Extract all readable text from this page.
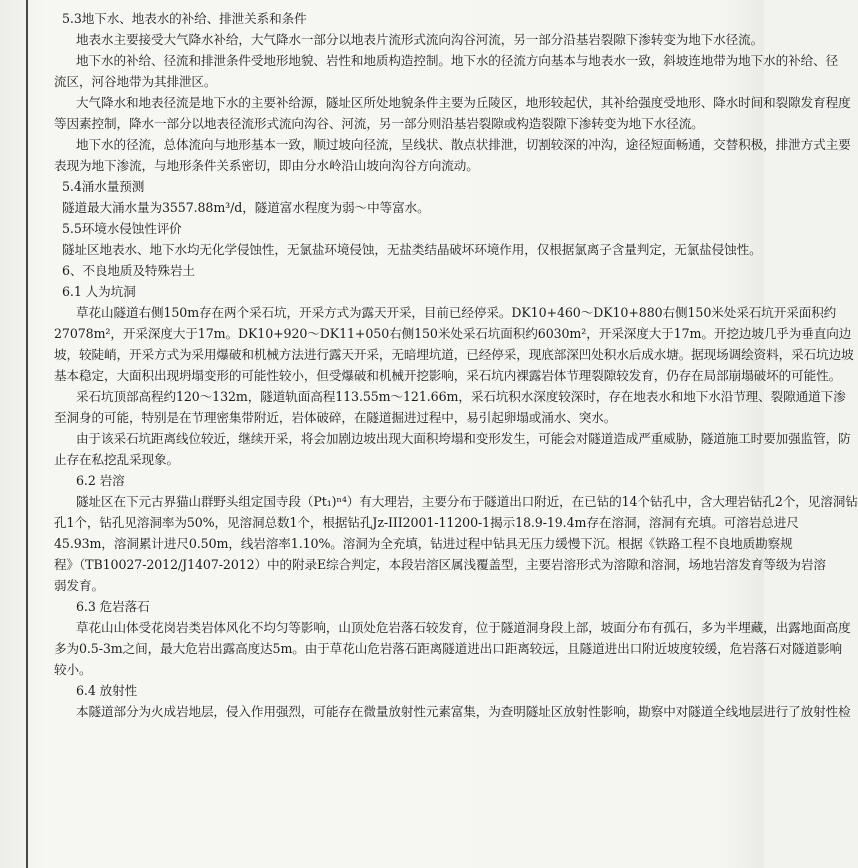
5.3地下水、地表水的补给、排泄关系和条件
地表水主要接受大气降水补给，大气降水一部分以地表片流形式流向沟谷河流，另一部分沿基岩裂隙下渗转变为地下水径流。
地下水的补给、径流和排泄条件受地形地貌、岩性和地质构造控制。地下水的径流方向基本与地表水一致，斜坡连地带为地下水的补给、径
流区，河谷地带为其排泄区。
大气降水和地表径流是地下水的主要补给源，隧址区所处地貌条件主要为丘陵区，地形较起伏，其补给强度受地形、降水时间和裂隙发育程度
等因素控制，降水一部分以地表径流形式流向沟谷、河流，另一部分则沿基岩裂隙或构造裂隙下渗转变为地下水径流。
地下水的径流，总体流向与地形基本一致，顺过坡向径流，呈线状、散点状排泄，切割较深的冲沟，途径短面畅通，交替积极，排泄方式主要
表现为地下渗流，与地形条件关系密切，即由分水岭沿山坡向沟谷方向流动。
5.4涌水量预测
隧道最大涌水量为3557.88m³/d，隧道富水程度为弱～中等富水。
5.5环境水侵蚀性评价
隧址区地表水、地下水均无化学侵蚀性，无氯盐环境侵蚀，无盐类结晶破坏环境作用，仅根据氯离子含量判定，无氯盐侵蚀性。
6、不良地质及特殊岩土
6.1 人为坑洞
草花山隧道右侧150m存在两个采石坑，开采方式为露天开采，目前已经停采。DK10+460～DK10+880右侧150米处采石坑开采面积约
27078m²，开采深度大于17m。DK10+920～DK11+050右侧150米处采石坑面积约6030m²，开采深度大于17m。开挖边坡几乎为垂直向边
坡，较陡峭，开采方式为采用爆破和机械方法进行露天开采，无暗埋坑道，已经停采，现底部深凹处积水后成水塘。据现场调绘资料，采石坑边坡
基本稳定，大面积出现坍塌变形的可能性较小，但受爆破和机械开挖影响，采石坑内裸露岩体节理裂隙较发育，仍存在局部崩塌破坏的可能性。
采石坑顶部高程约120～132m，隧道轨面高程113.55m～121.66m，采石坑积水深度较深时，存在地表水和地下水沿节理、裂隙通道下渗
至洞身的可能，特别是在节理密集带附近，岩体破碎，在隧道掘进过程中，易引起卵塌或涌水、突水。
由于该采石坑距离线位较近，继续开采，将会加剧边坡出现大面积垮塌和变形发生，可能会对隧道造成严重威胁，隧道施工时要加强监管，防
止存在私挖乱采现象。
6.2 岩溶
隧址区在下元古界猫山群野头组定国寺段（Pt₁)ⁿ⁴）有大理岩，主要分布于隧道出口附近，在已钻的14个钻孔中，含大理岩钻孔2个，见溶洞钻
孔1个，钻孔见溶洞率为50%，见溶洞总数1个，根据钻孔Jz-III2001-11200-1揭示18.9-19.4m存在溶洞，溶洞有充填。可溶岩总进尺
45.93m，溶洞累计进尺0.50m，线岩溶率1.10%。溶洞为全充填，钻进过程中钻具无压力缓慢下沉。根据《铁路工程不良地质勘察规
程》（TB10027-2012/J1407-2012）中的附录E综合判定，本段岩溶区属浅覆盖型，主要岩溶形式为溶隙和溶洞，场地岩溶发育等级为岩溶
弱发育。
6.3 危岩落石
草花山山体受花岗岩类岩体风化不均匀等影响，山顶处危岩落石较发育，位于隧道洞身段上部，坡面分布有孤石，多为半埋藏，出露地面高度
多为0.5-3m之间，最大危岩出露高度达5m。由于草花山危岩落石距离隧道进出口距离较远，且隧道进出口附近坡度较缓，危岩落石对隧道影响
较小。
6.4 放射性
本隧道部分为火成岩地层，侵入作用强烈，可能存在微量放射性元素富集，为查明隧址区放射性影响，勘察中对隧道全线地层进行了放射性检
